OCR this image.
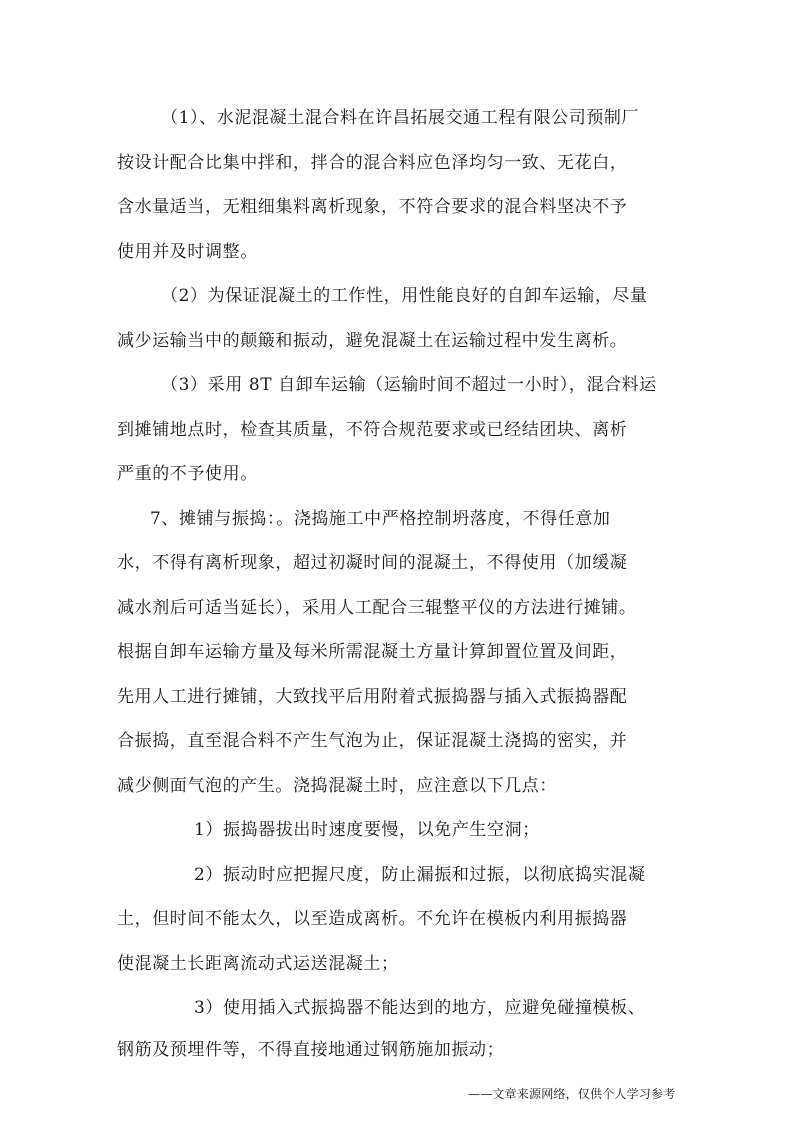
（1）、水泥混凝土混合料在许昌拓展交通工程有限公司预制厂
按设计配合比集中拌和，拌合的混合料应色泽均匀一致、无花白，
含水量适当，无粗细集料离析现象，不符合要求的混合料坚决不予
使用并及时调整。
（2）为保证混凝土的工作性，用性能良好的自卸车运输，尽量
减少运输当中的颠簸和振动，避免混凝土在运输过程中发生离析。
（3）采用 8T 自卸车运输（运输时间不超过一小时），混合料运
到摊铺地点时，检查其质量，不符合规范要求或已经结团块、离析
严重的不予使用。
7、摊铺与振捣：。浇捣施工中严格控制坍落度，不得任意加
水，不得有离析现象，超过初凝时间的混凝土，不得使用（加缓凝
减水剂后可适当延长），采用人工配合三辊整平仪的方法进行摊铺。
根据自卸车运输方量及每米所需混凝土方量计算卸置位置及间距，
先用人工进行摊铺，大致找平后用附着式振捣器与插入式振捣器配
合振捣，直至混合料不产生气泡为止，保证混凝土浇捣的密实，并
减少侧面气泡的产生。浇捣混凝土时，应注意以下几点：
1）振捣器拔出时速度要慢，以免产生空洞；
2）振动时应把握尺度，防止漏振和过振，以彻底捣实混凝
土，但时间不能太久，以至造成离析。不允许在模板内利用振捣器
使混凝土长距离流动式运送混凝土；
3）使用插入式振捣器不能达到的地方，应避免碰撞模板、
钢筋及预埋件等，不得直接地通过钢筋施加振动；
——文章来源网络，仅供个人学习参考
